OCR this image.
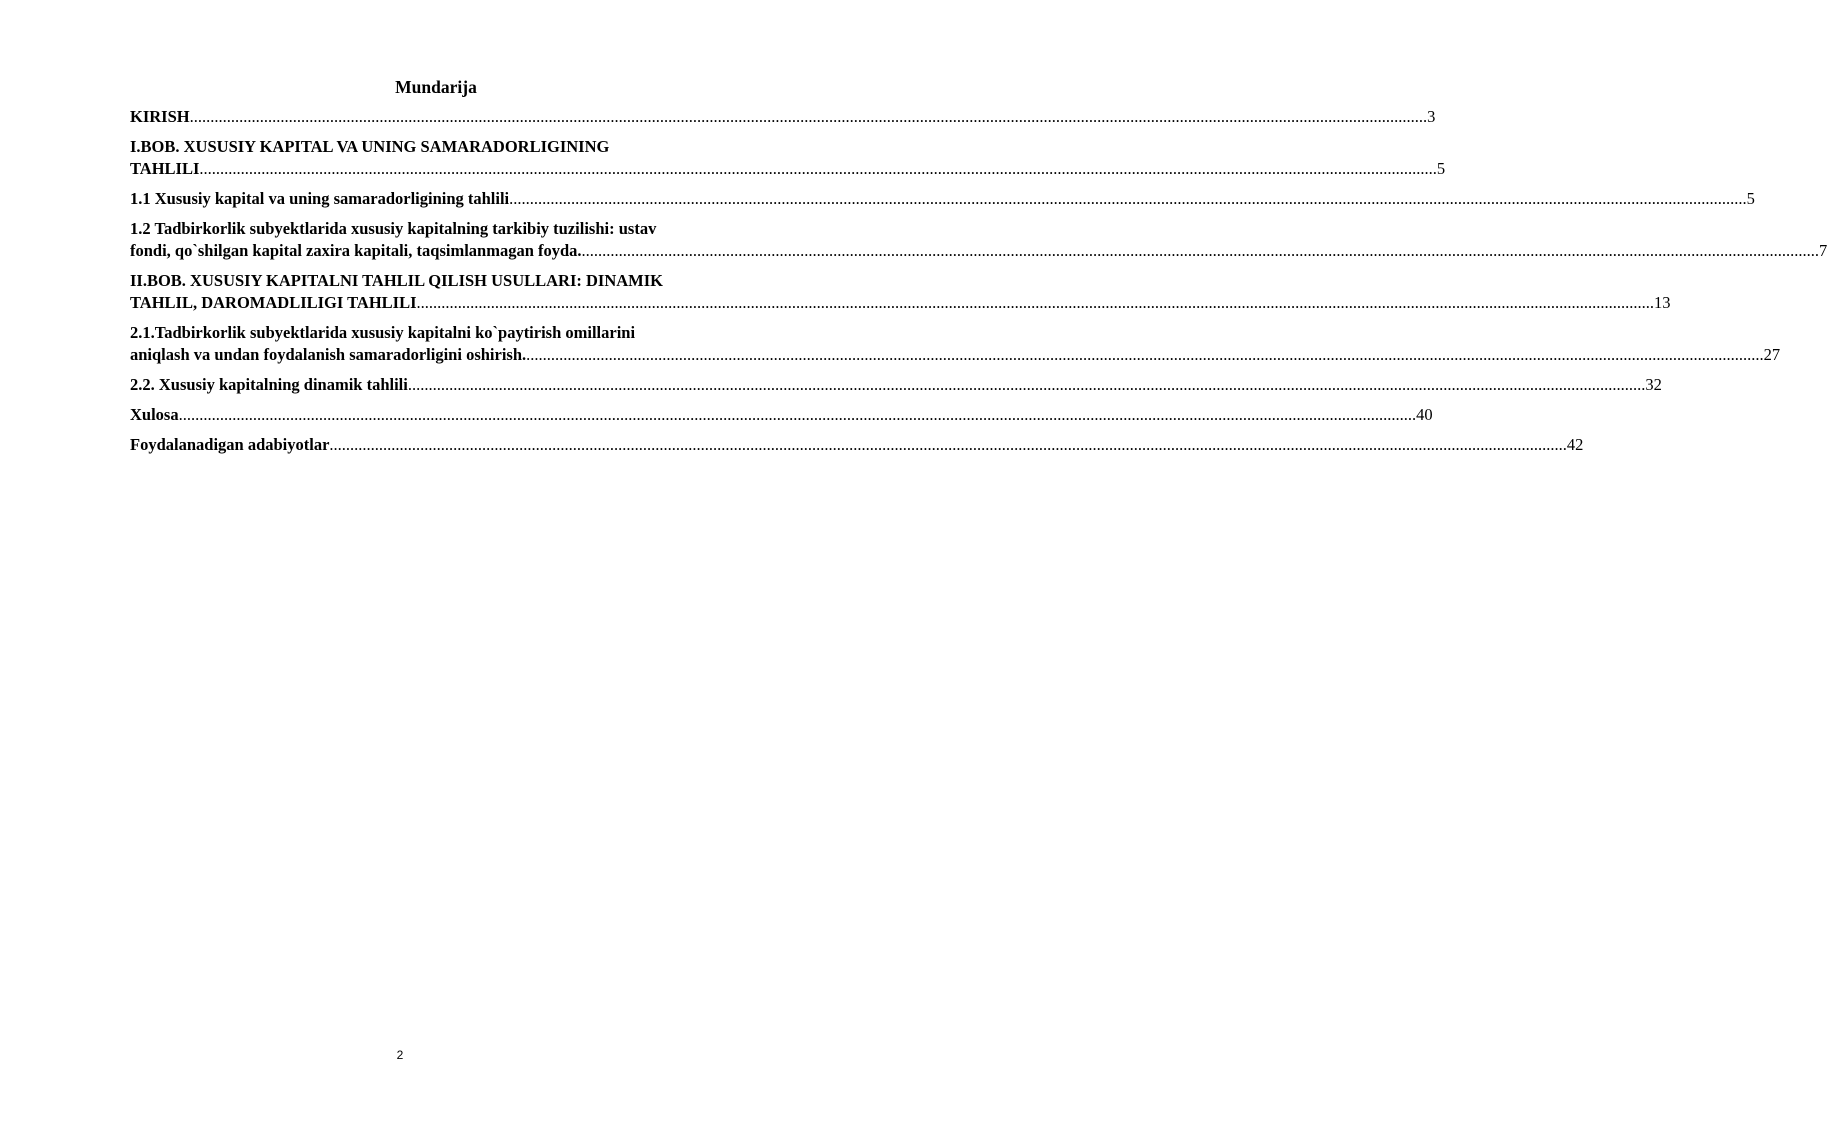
Mundarija
KIRISH ............................................................................................................................................................................................................................................................................................................ 3
I.BOB. XUSUSIY KAPITAL VA UNING SAMARADORLIGINING
TAHLILI ............................................................................................................................................................................................................................................................................................................ 5
1.1 Xususiy kapital va uning samaradorligining tahlili ............................................................................................................................................................................................................................................................................................................ 5
1.2 Tadbirkorlik subyektlarida xususiy kapitalning tarkibiy tuzilishi: ustav
fondi, qo`shilgan kapital zaxira kapitali, taqsimlanmagan foyda. ............................................................................................................................................................................................................................................................................................................ 7
II.BOB. XUSUSIY KAPITALNI TAHLIL QILISH USULLARI: DINAMIK
TAHLIL, DAROMADLILIGI TAHLILI ............................................................................................................................................................................................................................................................................................................ 13
2.1.Tadbirkorlik subyektlarida xususiy kapitalni ko`paytirish omillarini
aniqlash va undan foydalanish samaradorligini oshirish. ............................................................................................................................................................................................................................................................................................................ 27
2.2. Xususiy kapitalning dinamik tahlili ............................................................................................................................................................................................................................................................................................................ 32
Xulosa ............................................................................................................................................................................................................................................................................................................ 40
Foydalanadigan adabiyotlar ............................................................................................................................................................................................................................................................................................................ 42
2
